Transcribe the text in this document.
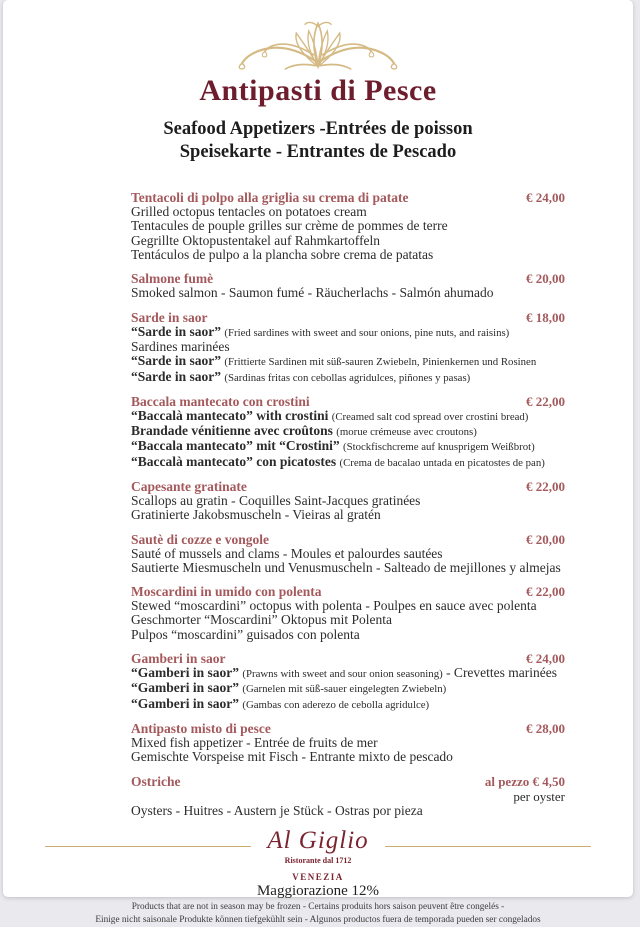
Antipasti di Pesce
Seafood Appetizers -Entrées de poisson
Speisekarte - Entrantes de Pescado
Tentacoli di polpo alla griglia su crema di patate	€ 24,00
Grilled octopus tentacles on potatoes cream
Tentacules de pouple grilles sur crème de pommes de terre
Gegrillte Oktopustentakel auf Rahmkartoffeln
Tentáculos de pulpo a la plancha sobre crema de patatas
Salmone fumè	€ 20,00
Smoked salmon - Saumon fumé - Räucherlachs - Salmón ahumado
Sarde in saor	€ 18,00
“Sarde in saor” (Fried sardines with sweet and sour onions, pine nuts, and raisins)
Sardines marinées
“Sarde in saor” (Frittierte Sardinen mit süß-sauren Zwiebeln, Pinienkernen und Rosinen
“Sarde in saor” (Sardinas fritas con cebollas agridulces, piñones y pasas)
Baccala mantecato con crostini	€ 22,00
“Baccalà mantecato” with crostini (Creamed salt cod spread over crostini bread)
Brandade vénitienne avec croûtons (morue crémeuse avec croutons)
“Baccala mantecato” mit “Crostini” (Stockfischcreme auf knusprigem Weißbrot)
“Baccalà mantecato” con picatostes (Crema de bacalao untada en picatostes de pan)
Capesante gratinate	€ 22,00
Scallops au gratin - Coquilles Saint-Jacques gratinées
Gratinierte Jakobsmuscheln - Vieiras al gratén
Sautè di cozze e vongole	€ 20,00
Sauté of mussels and clams - Moules et palourdes sautées
Sautierte Miesmuscheln und Venusmuscheln - Salteado de mejillones y almejas
Moscardini in umido con polenta	€ 22,00
Stewed “moscardini” octopus with polenta - Poulpes en sauce avec polenta
Geschmorter “Moscardini” Oktopus mit Polenta
Pulpos “moscardini” guisados con polenta
Gamberi in saor	€ 24,00
“Gamberi in saor” (Prawns with sweet and sour onion seasoning) - Crevettes marinées
“Gamberi in saor” (Garnelen mit süß-sauer eingelegten Zwiebeln)
“Gamberi in saor” (Gambas con aderezo de cebolla agridulce)
Antipasto misto di pesce	€ 28,00
Mixed fish appetizer - Entrée de fruits de mer
Gemischte Vorspeise mit Fisch - Entrante mixto de pescado
Ostriche	al pezzo € 4,50
per oyster
Oysters - Huitres - Austern je Stück - Ostras por pieza
Al Giglio
Ristorante dal 1712
VENEZIA
Maggiorazione 12%
Products that are not in season may be frozen - Certains produits hors saison peuvent être congelés -
Einige nicht saisonale Produkte können tiefgekühlt sein - Algunos productos fuera de temporada pueden ser congelados
